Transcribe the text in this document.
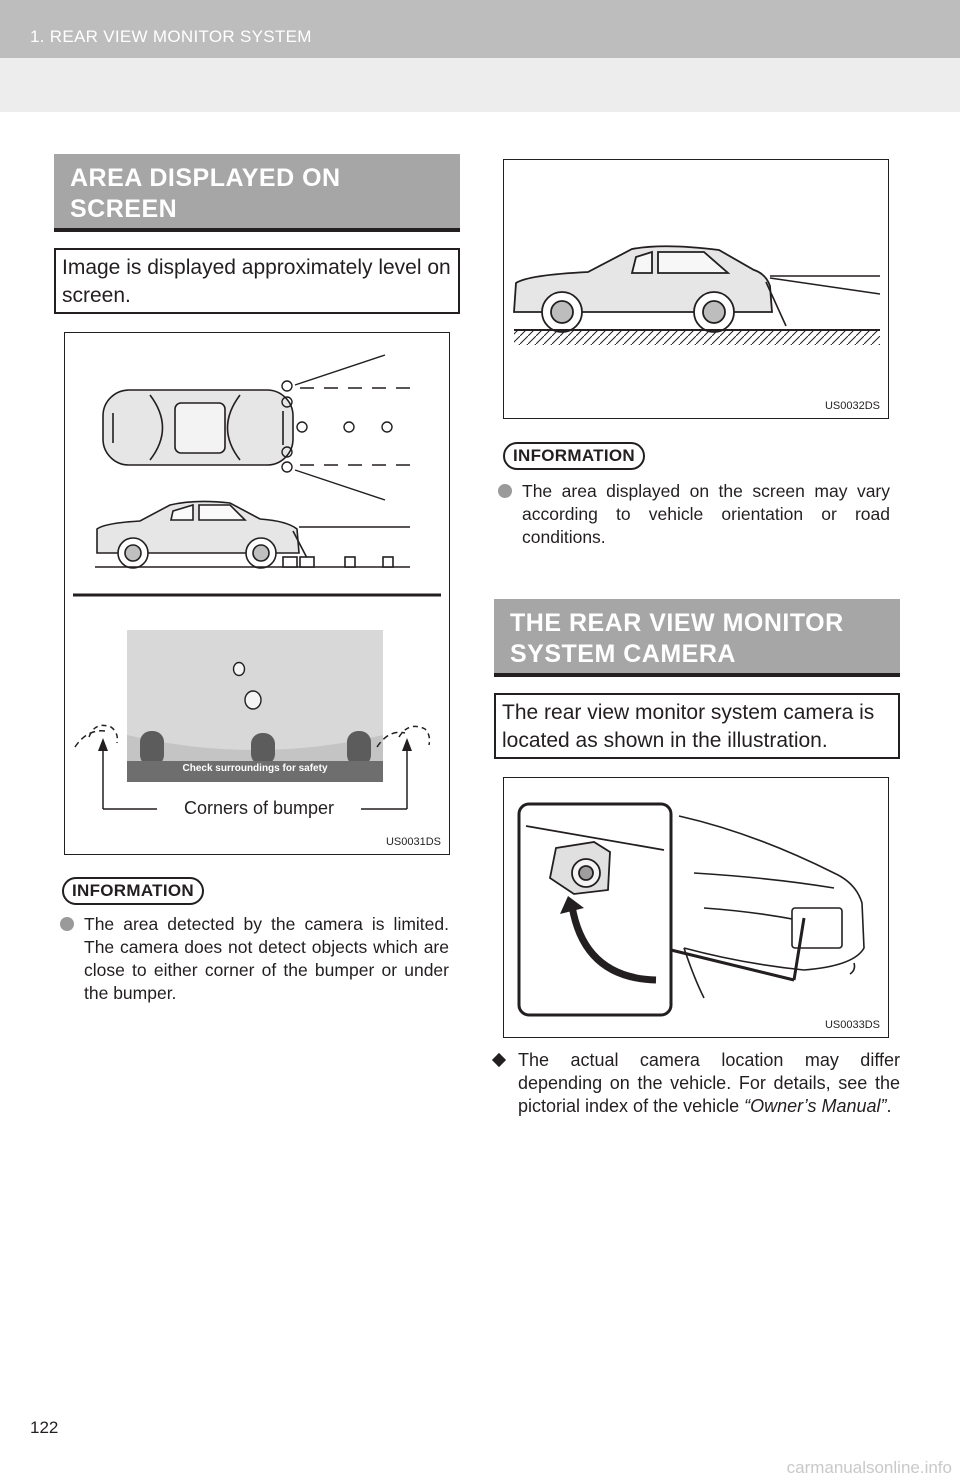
1. REAR VIEW MONITOR SYSTEM
AREA DISPLAYED ON
SCREEN
Image is displayed approximately level on screen.
Check surroundings for safety
Corners of bumper
US0031DS
INFORMATION
The area detected by the camera is limited. The camera does not detect objects which are close to either corner of the bumper or under the bumper.
US0032DS
INFORMATION
The area displayed on the screen may vary according to vehicle orientation or road conditions.
THE REAR VIEW MONITOR
SYSTEM CAMERA
The rear view monitor system camera is located as shown in the illustration.
US0033DS
The actual camera location may differ depending on the vehicle. For details, see the pictorial index of the vehicle “Owner’s Manual”.
122
carmanualsonline.info
